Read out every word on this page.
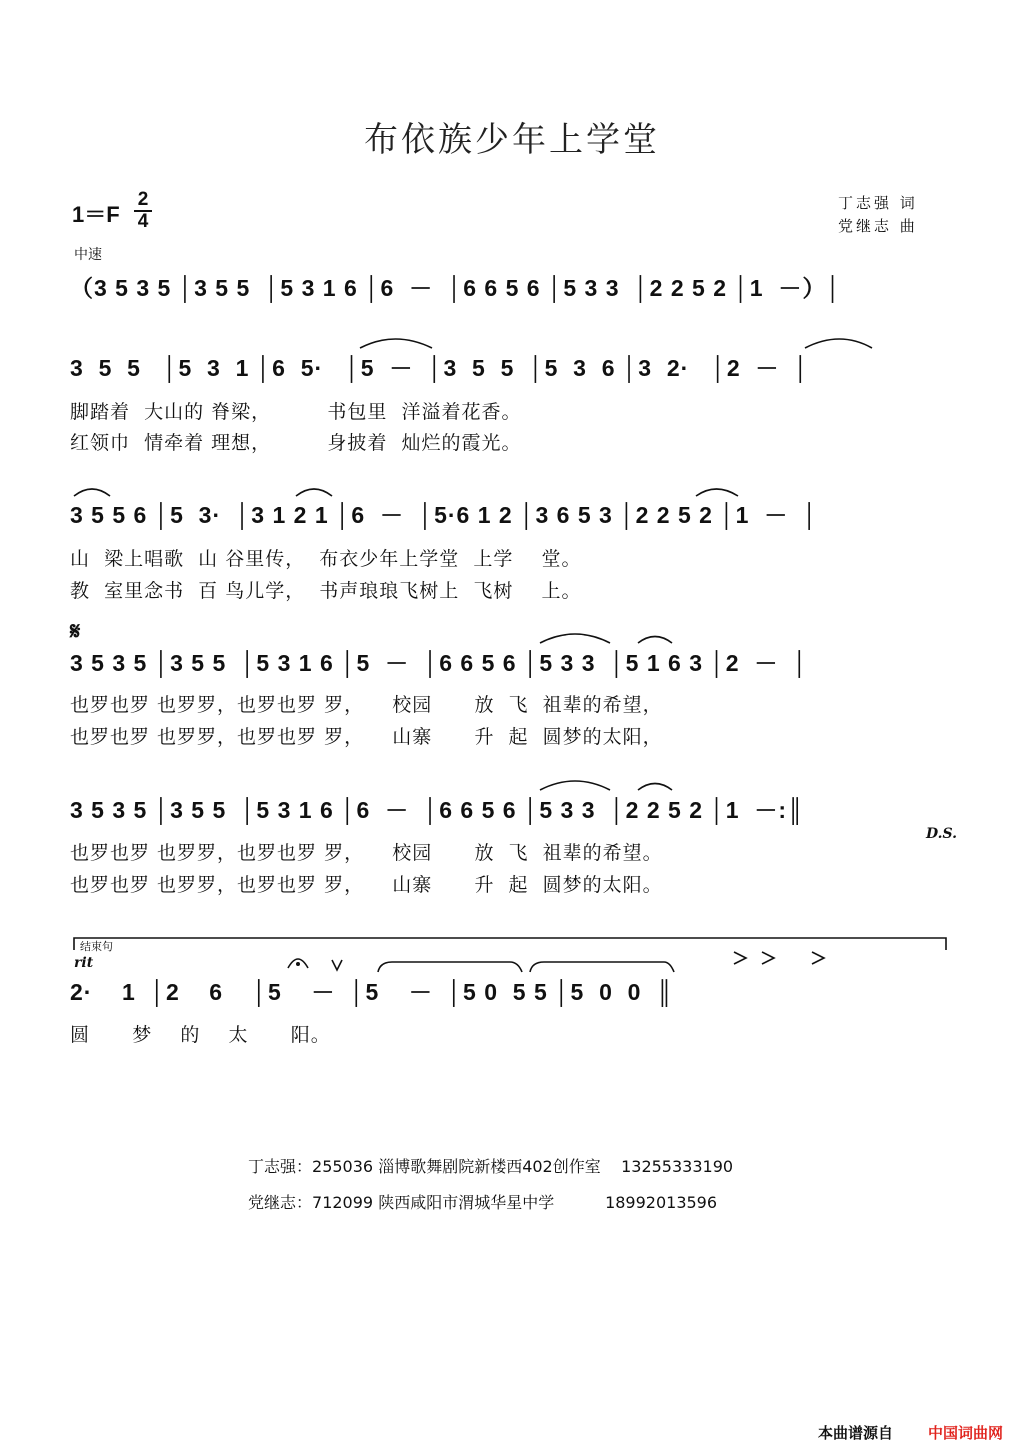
布依族少年上学堂
丁志强 词
党继志 曲
$1=F \frac{2}{4}$
中速
（3 5 3 5 │3 5 5  │5 3 1 6 │6  －  │6 6 5 6 │5 3 3  │2 2 5 2 │1  －）│
3  5  5   │5  3  1 │6  5·   │5  －  │3  5  5  │5  3  6 │3  2·   │2  －  │
脚踏着  大山的 脊梁，        书包里  洋溢着花香。
红领巾  情牵着 理想，        身披着  灿烂的霞光。
3 5 5 6 │5  3·  │3 1 2 1 │6  －  │5·6 1 2 │3 6 5 3 │2 2 5 2 │1  －  │
山  梁上唱歌  山 谷里传，  布衣少年上学堂  上学    堂。
教  室里念书  百 鸟儿学，  书声琅琅飞树上  飞树    上。
𝄋
3 5 3 5 │3 5 5  │5 3 1 6 │5  －  │6 6 5 6 │5 3 3  │5 1 6 3 │2  －  │
也罗也罗 也罗罗，也罗也罗 罗，    校园      放  飞  祖辈的希望，
也罗也罗 也罗罗，也罗也罗 罗，    山寨      升  起  圆梦的太阳，
3 5 3 5 │3 5 5  │5 3 1 6 │6  －  │6 6 5 6 │5 3 3  │2 2 5 2 │1  －:║
D.S.
也罗也罗 也罗罗，也罗也罗 罗，    校园      放  飞  祖辈的希望。
也罗也罗 也罗罗，也罗也罗 罗，    山寨      升  起  圆梦的太阳。
结束句
rit
2·    1  │2    6    │5    －  │5    －  │5 0  5 5 │5  0  0  ║
圆      梦    的    太      阳。
丁志强：255036 淄博歌舞剧院新楼西402创作室 13255333190
党继志：712099 陕西咸阳市渭城华星中学	18992013596
本曲谱源自 中国词曲网
